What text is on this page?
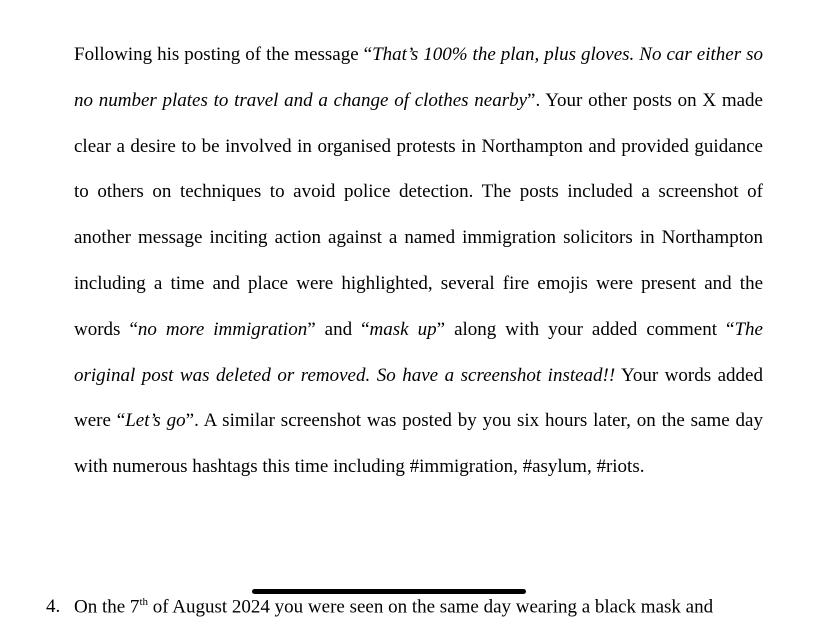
Following his posting of the message “That’s 100% the plan, plus gloves. No car either so no number plates to travel and a change of clothes nearby”. Your other posts on X made clear a desire to be involved in organised protests in Northampton and provided guidance to others on techniques to avoid police detection. The posts included a screenshot of another message inciting action against a named immigration solicitors in Northampton including a time and place were highlighted, several fire emojis were present and the words “no more immigration” and “mask up” along with your added comment “The original post was deleted or removed. So have a screenshot instead!! Your words added were “Let’s go”. A similar screenshot was posted by you six hours later, on the same day with numerous hashtags this time including #immigration, #asylum, #riots.

4. On the 7th of August 2024 you were seen on the same day wearing a black mask and
